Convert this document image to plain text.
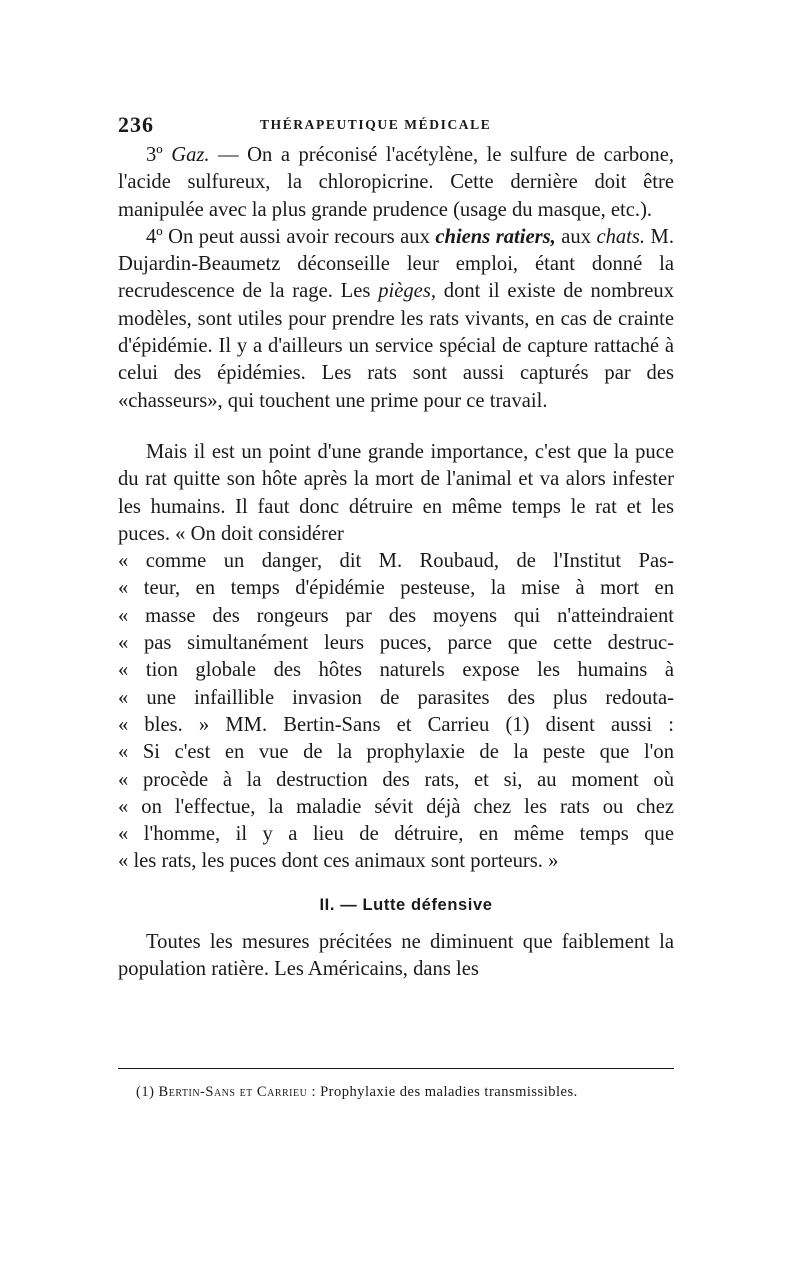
236	THÉRAPEUTIQUE MÉDICALE

3º Gaz. — On a préconisé l'acétylène, le sulfure de carbone, l'acide sulfureux, la chloropicrine. Cette dernière doit être manipulée avec la plus grande prudence (usage du masque, etc.).

4º On peut aussi avoir recours aux chiens ratiers, aux chats. M. Dujardin-Beaumetz déconseille leur emploi, étant donné la recrudescence de la rage. Les pièges, dont il existe de nombreux modèles, sont utiles pour prendre les rats vivants, en cas de crainte d'épidémie. Il y a d'ailleurs un service spécial de capture rattaché à celui des épidémies. Les rats sont aussi capturés par des «chasseurs», qui touchent une prime pour ce travail.

Mais il est un point d'une grande importance, c'est que la puce du rat quitte son hôte après la mort de l'animal et va alors infester les humains. Il faut donc détruire en même temps le rat et les puces. « On doit considérer
« comme un danger, dit M. Roubaud, de l'Institut Pas-
« teur, en temps d'épidémie pesteuse, la mise à mort en
« masse des rongeurs par des moyens qui n'atteindraient
« pas simultanément leurs puces, parce que cette destruc-
« tion globale des hôtes naturels expose les humains à
« une infaillible invasion de parasites des plus redouta-
« bles. » MM. Bertin-Sans et Carrieu (1) disent aussi :
« Si c'est en vue de la prophylaxie de la peste que l'on
« procède à la destruction des rats, et si, au moment où
« on l'effectue, la maladie sévit déjà chez les rats ou chez
« l'homme, il y a lieu de détruire, en même temps que
« les rats, les puces dont ces animaux sont porteurs. »
II. — Lutte défensive

Toutes les mesures précitées ne diminuent que faiblement la population ratière. Les Américains, dans les

(1) Bertin-Sans et Carrieu : Prophylaxie des maladies transmissibles.
